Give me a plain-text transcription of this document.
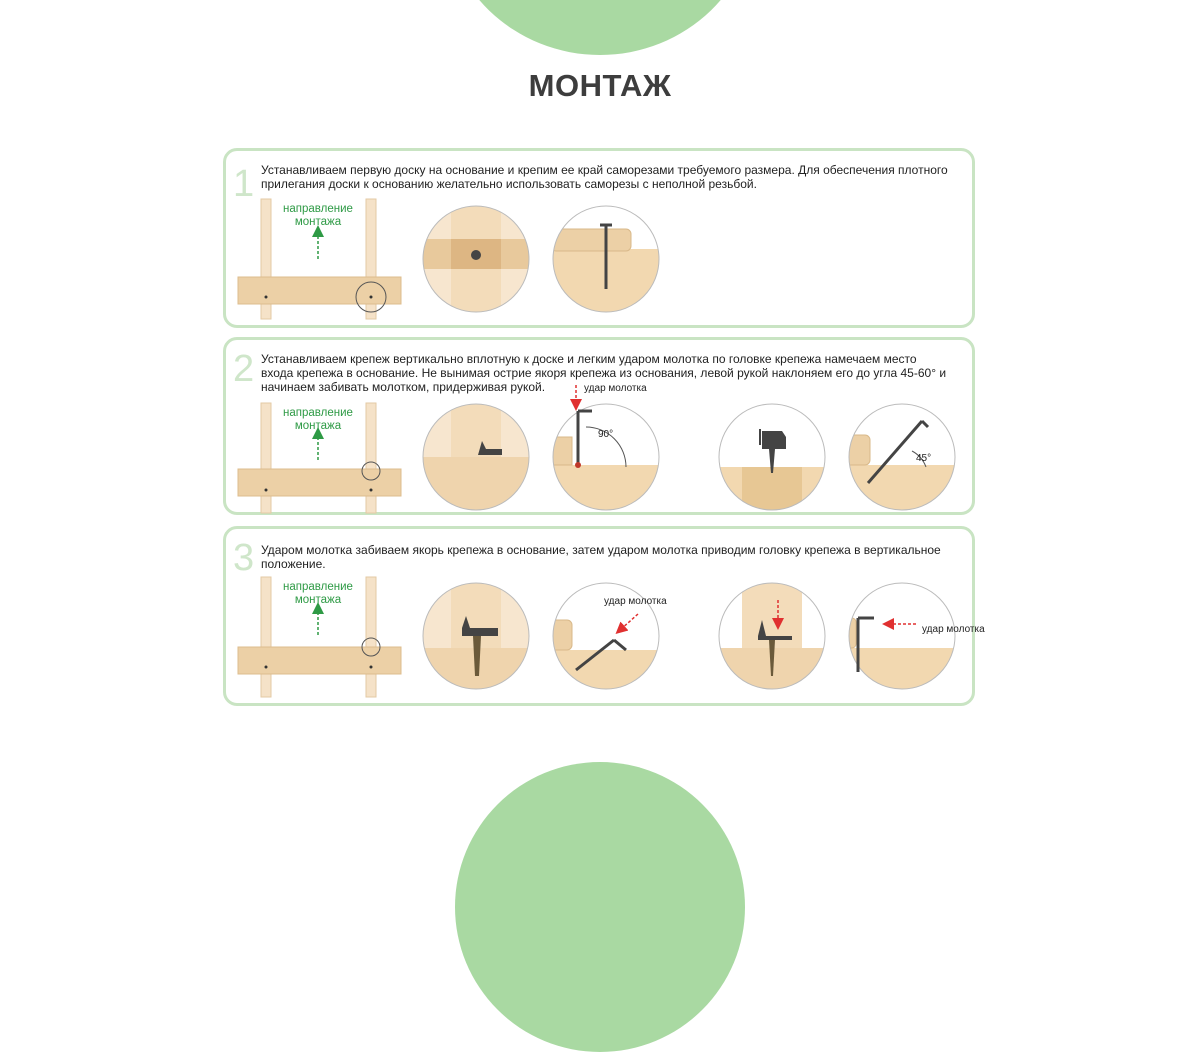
МОНТАЖ
1 Устанавливаем первую доску на основание и крепим ее край саморезами требуемого размера. Для обеспечения плотного прилегания доски к основанию желательно использовать саморезы с неполной резьбой.
направление
монтажа
2 Устанавливаем крепеж вертикально вплотную к доске и легким ударом молотка по головке крепежа намечаем место входа крепежа в основание. Не вынимая острие якоря крепежа из основания, левой рукой наклоняем его до угла 45-60° и начинаем забивать молотком, придерживая рукой.
направление
монтажа
90°
удар молотка
45°
3 Ударом молотка забиваем якорь крепежа в основание, затем ударом молотка приводим головку крепежа в вертикальное положение.
направление
монтажа	удар молотка
удар молотка
